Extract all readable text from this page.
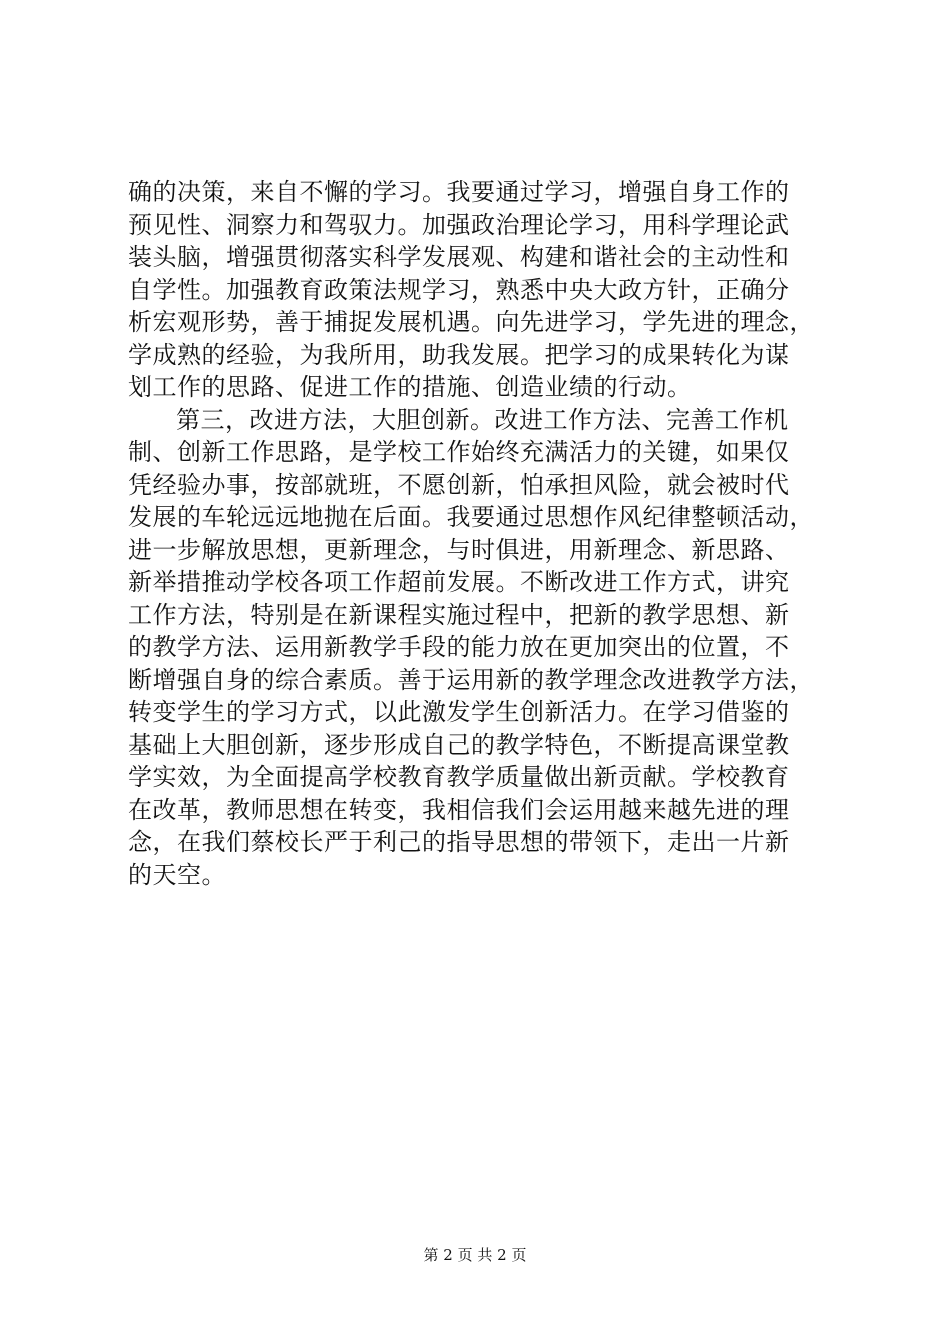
确的决策，来自不懈的学习。我要通过学习，增强自身工作的
预见性、洞察力和驾驭力。加强政治理论学习，用科学理论武
装头脑，增强贯彻落实科学发展观、构建和谐社会的主动性和
自学性。加强教育政策法规学习，熟悉中央大政方针，正确分
析宏观形势，善于捕捉发展机遇。向先进学习，学先进的理念，
学成熟的经验，为我所用，助我发展。把学习的成果转化为谋
划工作的思路、促进工作的措施、创造业绩的行动。
第三，改进方法，大胆创新。改进工作方法、完善工作机
制、创新工作思路，是学校工作始终充满活力的关键，如果仅
凭经验办事，按部就班，不愿创新，怕承担风险，就会被时代
发展的车轮远远地抛在后面。我要通过思想作风纪律整顿活动，
进一步解放思想，更新理念，与时俱进，用新理念、新思路、
新举措推动学校各项工作超前发展。不断改进工作方式，讲究
工作方法，特别是在新课程实施过程中，把新的教学思想、新
的教学方法、运用新教学手段的能力放在更加突出的位置，不
断增强自身的综合素质。善于运用新的教学理念改进教学方法，
转变学生的学习方式，以此激发学生创新活力。在学习借鉴的
基础上大胆创新，逐步形成自己的教学特色，不断提高课堂教
学实效，为全面提高学校教育教学质量做出新贡献。学校教育
在改革，教师思想在转变，我相信我们会运用越来越先进的理
念，在我们蔡校长严于利己的指导思想的带领下，走出一片新
的天空。
第 2 页 共 2 页
